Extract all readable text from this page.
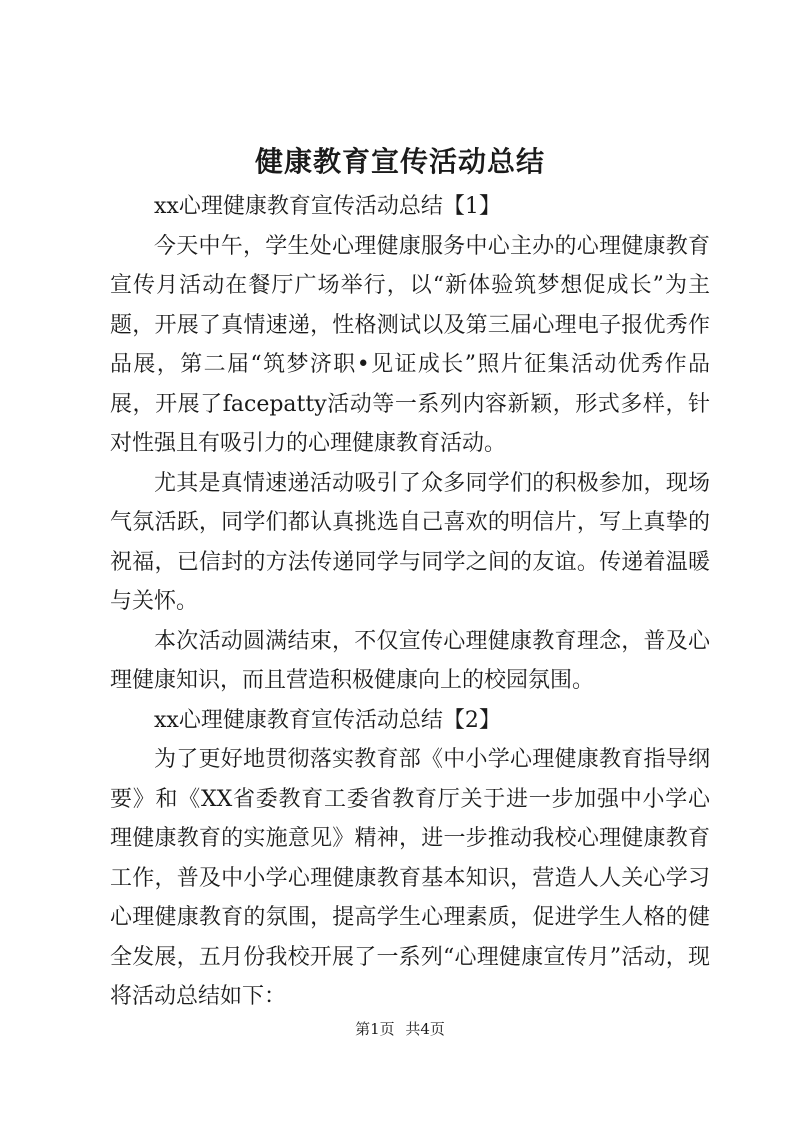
健康教育宣传活动总结

xx心理健康教育宣传活动总结【1】

今天中午，学生处心理健康服务中心主办的心理健康教育宣传月活动在餐厅广场举行，以“新体验筑梦想促成长”为主题，开展了真情速递，性格测试以及第三届心理电子报优秀作品展，第二届“筑梦济职•见证成长”照片征集活动优秀作品展，开展了facepatty活动等一系列内容新颖，形式多样，针对性强且有吸引力的心理健康教育活动。

尤其是真情速递活动吸引了众多同学们的积极参加，现场气氛活跃，同学们都认真挑选自己喜欢的明信片，写上真挚的祝福，已信封的方法传递同学与同学之间的友谊。传递着温暖与关怀。

本次活动圆满结束，不仅宣传心理健康教育理念，普及心理健康知识，而且营造积极健康向上的校园氛围。

xx心理健康教育宣传活动总结【2】

为了更好地贯彻落实教育部《中小学心理健康教育指导纲要》和《XX省委教育工委省教育厅关于进一步加强中小学心理健康教育的实施意见》精神，进一步推动我校心理健康教育工作，普及中小学心理健康教育基本知识，营造人人关心学习心理健康教育的氛围，提高学生心理素质，促进学生人格的健全发展，五月份我校开展了一系列“心理健康宣传月”活动，现将活动总结如下：

第1页 共4页
